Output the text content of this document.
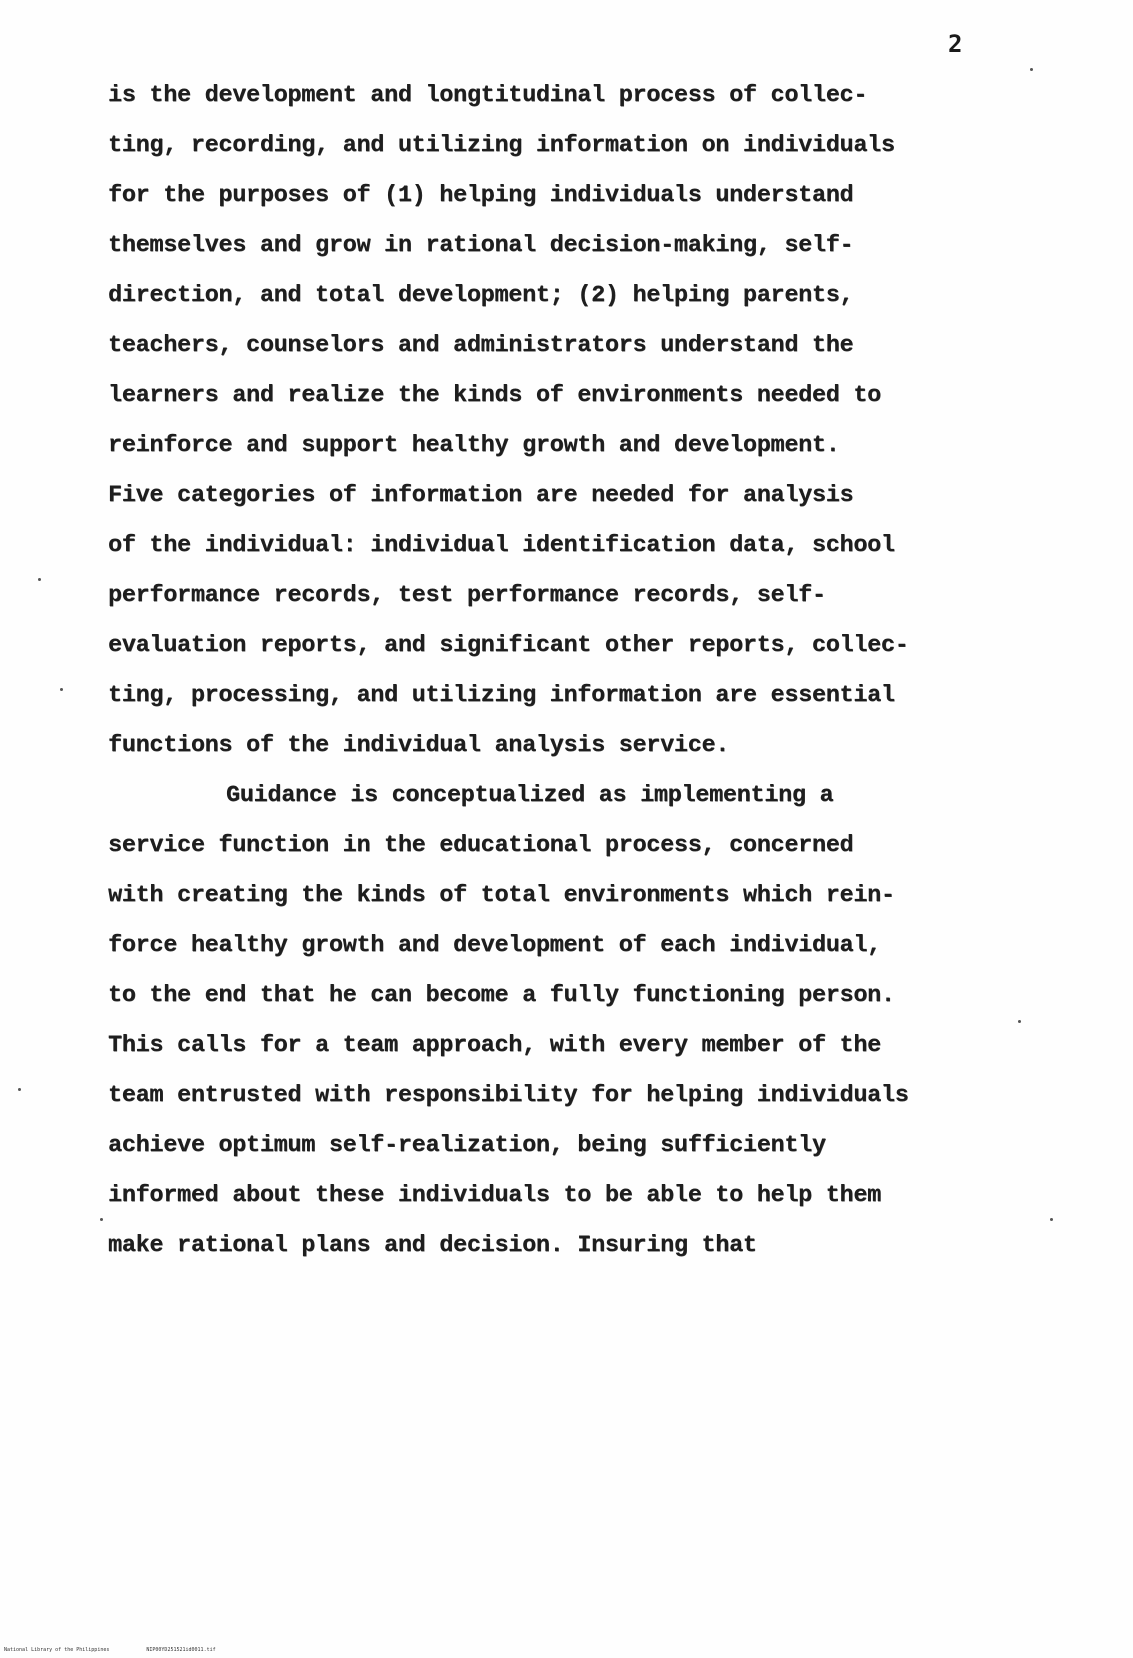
2
is the development and longtitudinal process of collec-
ting, recording, and utilizing information on individuals
for the purposes of (1) helping individuals understand
themselves and grow in rational decision-making, self-
direction, and total development; (2) helping parents,
teachers, counselors and administrators understand the
learners and realize the kinds of environments needed to
reinforce and support healthy growth and development.
Five categories of information are needed for analysis
of the individual: individual identification data, school
performance records, test performance records, self-
evaluation reports, and significant other reports, collec-
ting, processing, and utilizing information are essential
functions of the individual analysis service.
Guidance is conceptualized as implementing a
service function in the educational process, concerned
with creating the kinds of total environments which rein-
force healthy growth and development of each individual,
to the end that he can become a fully functioning person.
This calls for a team approach, with every member of the
team entrusted with responsibility for helping individuals
achieve optimum self-realization, being sufficiently
informed about these individuals to be able to help them
make rational plans and decision. Insuring that
National Library of the Philippines	NIP00YD251521id0011.tif
